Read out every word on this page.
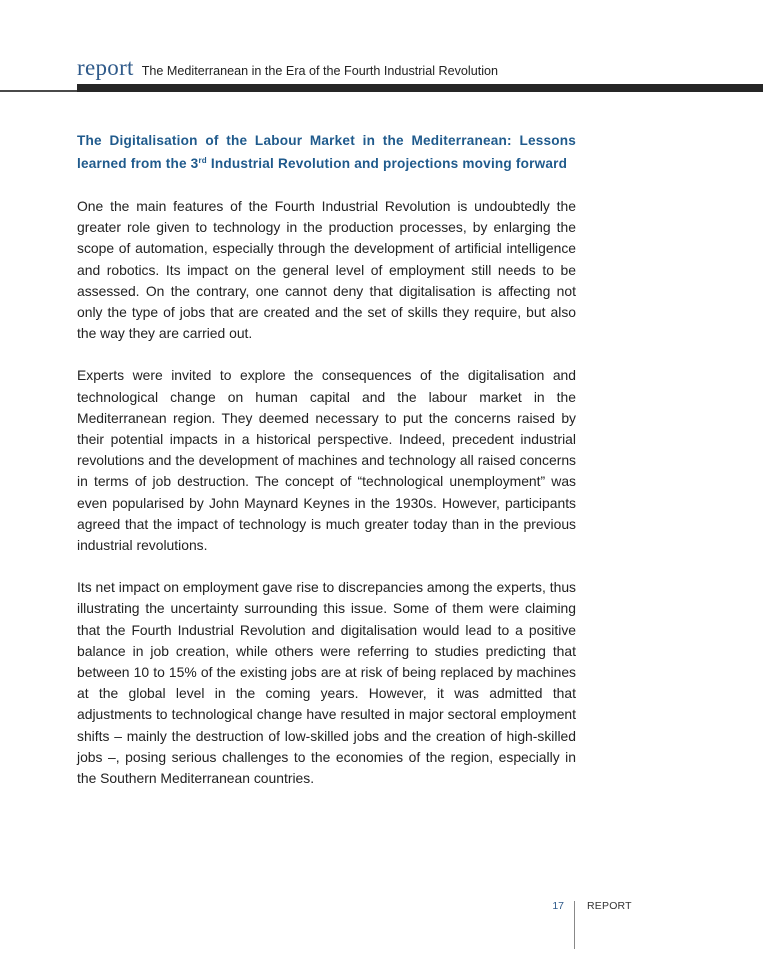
report The Mediterranean in the Era of the Fourth Industrial Revolution
The Digitalisation of the Labour Market in the Mediterranean: Lessons learned from the 3rd Industrial Revolution and projections moving forward

One the main features of the Fourth Industrial Revolution is undoubtedly the greater role given to technology in the production processes, by enlarging the scope of automation, especially through the development of artificial intelligence and robotics. Its impact on the general level of employment still needs to be assessed. On the contrary, one cannot deny that digitalisation is affecting not only the type of jobs that are created and the set of skills they require, but also the way they are carried out.

Experts were invited to explore the consequences of the digitalisation and technological change on human capital and the labour market in the Mediterranean region. They deemed necessary to put the concerns raised by their potential impacts in a historical perspective. Indeed, precedent industrial revolutions and the development of machines and technology all raised concerns in terms of job destruction. The concept of “technological unemployment” was even popularised by John Maynard Keynes in the 1930s. However, participants agreed that the impact of technology is much greater today than in the previous industrial revolutions.

Its net impact on employment gave rise to discrepancies among the experts, thus illustrating the uncertainty surrounding this issue. Some of them were claiming that the Fourth Industrial Revolution and digitalisation would lead to a positive balance in job creation, while others were referring to studies predicting that between 10 to 15% of the existing jobs are at risk of being replaced by machines at the global level in the coming years. However, it was admitted that adjustments to technological change have resulted in major sectoral employment shifts – mainly the destruction of low-skilled jobs and the creation of high-skilled jobs –, posing serious challenges to the economies of the region, especially in the Southern Mediterranean countries.

17 REPORT
